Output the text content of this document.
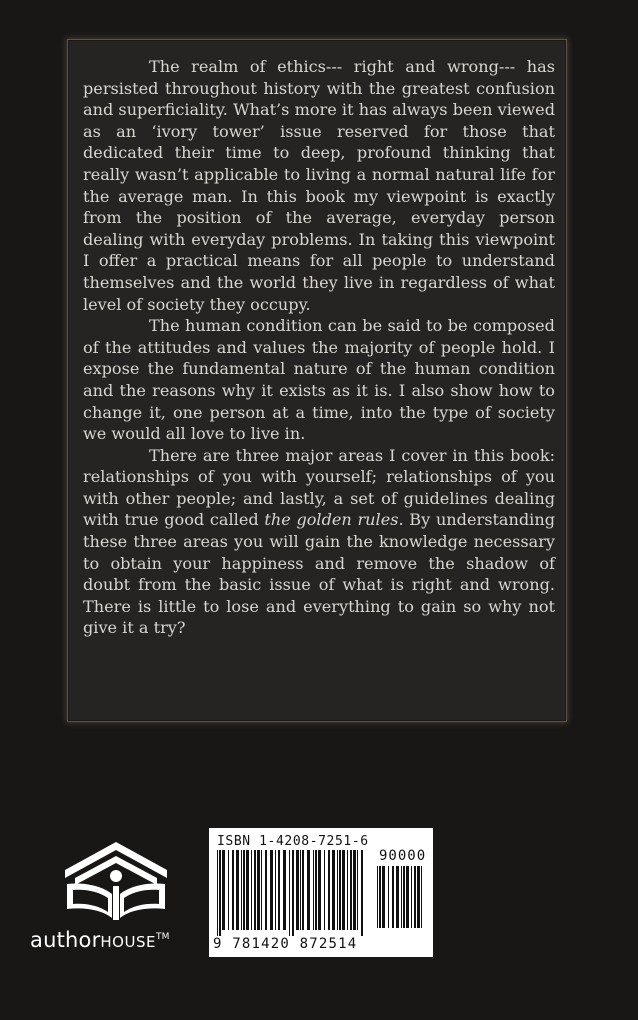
The realm of ethics--- right and wrong--- has persisted throughout history with the greatest confusion and superficiality. What’s more it has always been viewed as an ‘ivory tower’ issue reserved for those that dedicated their time to deep, profound thinking that really wasn’t applicable to living a normal natural life for the average man. In this book my viewpoint is exactly from the position of the average, everyday person dealing with everyday problems. In taking this viewpoint I offer a practical means for all people to understand themselves and the world they live in regardless of what level of society they occupy.

The human condition can be said to be composed of the attitudes and values the majority of people hold. I expose the fundamental nature of the human condition and the reasons why it exists as it is. I also show how to change it, one person at a time, into the type of society we would all love to live in.

There are three major areas I cover in this book: relationships of you with yourself; relationships of you with other people; and lastly, a set of guidelines dealing with true good called the golden rules. By understanding these three areas you will gain the knowledge necessary to obtain your happiness and remove the shadow of doubt from the basic issue of what is right and wrong. There is little to lose and everything to gain so why not give it a try?

authorHOUSE™
ISBN 1-4208-7251-6
90000
9 781420 872514
